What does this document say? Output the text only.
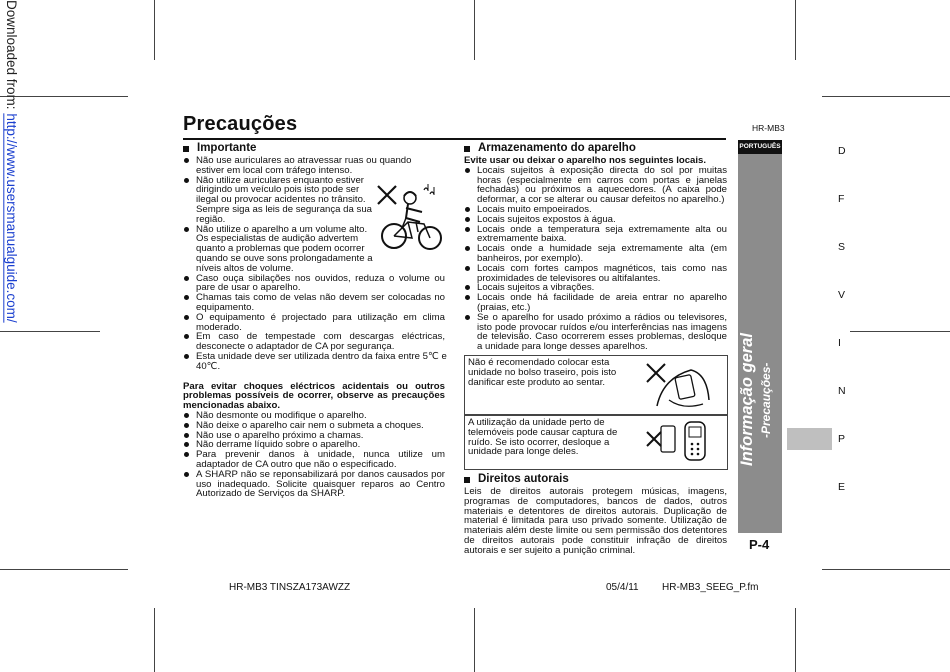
Downloaded from: http://www.usersmanualguide.com/	Precauções	HR-MB3
Importante
Não use auriculares ao atravessar ruas ou quando estiver em local com tráfego intenso.
Não utilize auriculares enquanto estiver dirigindo um veículo pois isto pode ser ilegal ou provocar acidentes no trânsito. Sempre siga as leis de segurança da sua região.
Não utilize o aparelho a um volume alto. Os especialistas de audição advertem quanto a problemas que podem ocorrer quando se ouve sons prolongadamente a níveis altos de volume.
Caso ouça sibilações nos ouvidos, reduza o volume ou pare de usar o aparelho.
Chamas tais como de velas não devem ser colocadas no equipamento.
O equipamento é projectado para utilização em clima moderado.
Em caso de tempestade com descargas eléctricas, desconecte o adaptador de CA por segurança.
Esta unidade deve ser utilizada dentro da faixa entre 5℃ e 40℃.
Para evitar choques eléctricos acidentais ou outros problemas possíveis de ocorrer, observe as precauções mencionadas abaixo.
Não desmonte ou modifique o aparelho.
Não deixe o aparelho cair nem o submeta a choques.
Não use o aparelho próximo a chamas.
Não derrame líquido sobre o aparelho.
Para prevenir danos à unidade, nunca utilize um adaptador de CA outro que não o especificado.
A SHARP não se reponsabilizará por danos causados por uso inadequado. Solicite quaisquer reparos ao Centro Autorizado de Serviços da SHARP.
Armazenamento do aparelho
Evite usar ou deixar o aparelho nos seguintes locais.
Locais sujeitos à exposição directa do sol por muitas horas (especialmente em carros com portas e janelas fechadas) ou próximos a aquecedores. (A caixa pode deformar, a cor se alterar ou causar defeitos no aparelho.)
Locais muito empoeirados.
Locais sujeitos expostos à água.
Locais onde a temperatura seja extremamente alta ou extremamente baixa.
Locais onde a humidade seja extremamente alta (em banheiros, por exemplo).
Locais com fortes campos magnéticos, tais como nas proximidades de televisores ou altifalantes.
Locais sujeitos a vibrações.
Locais onde há facilidade de areia entrar no aparelho (praias, etc.)
Se o aparelho for usado próximo a rádios ou televisores, isto pode provocar ruídos e/ou interferências nas imagens de televisão. Caso ocorrerem esses problemas, desloque a unidade para longe desses aparelhos.
Não é recomendado colocar esta unidade no bolso traseiro, pois isto danificar este produto ao sentar.
A utilização da unidade perto de telemóveis pode causar captura de ruído. Se isto ocorrer, desloque a unidade para longe deles.
Direitos autorais
Leis de direitos autorais protegem músicas, imagens, programas de computadores, bancos de dados, outros materiais e detentores de direitos autorais. Duplicação de material é limitada para uso privado somente. Utilização de materiais além deste limite ou sem permissão dos detentores de direitos autorais pode constituir infração de direitos autorais e ser sujeito a punição criminal.
PORTUGUÊS
Informação geral -Precauções-
P-4
D
F
S
V
I
N
P
E
HR-MB3 TINSZA173AWZZ	05/4/11 HR-MB3_SEEG_P.fm
